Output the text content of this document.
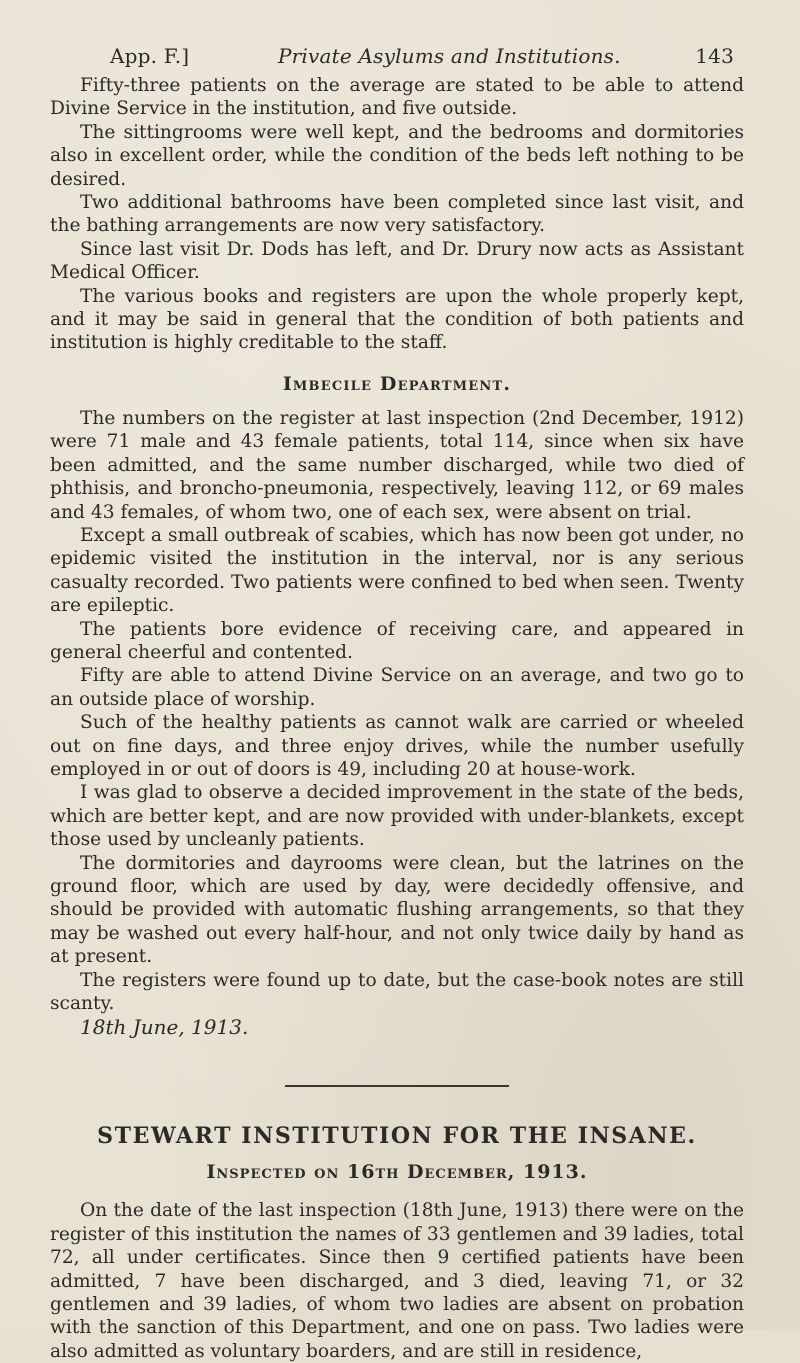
App. F.]	Private Asylums and Institutions.	143

Fifty-three patients on the average are stated to be able to attend Divine Service in the institution, and five outside.

The sittingrooms were well kept, and the bedrooms and dormitories also in excellent order, while the condition of the beds left nothing to be desired.

Two additional bathrooms have been completed since last visit, and the bathing arrangements are now very satisfactory.

Since last visit Dr. Dods has left, and Dr. Drury now acts as Assistant Medical Officer.

The various books and registers are upon the whole properly kept, and it may be said in general that the condition of both patients and institution is highly creditable to the staff.

Imbecile Department.

The numbers on the register at last inspection (2nd December, 1912) were 71 male and 43 female patients, total 114, since when six have been admitted, and the same number discharged, while two died of phthisis, and broncho-pneumonia, respectively, leaving 112, or 69 males and 43 females, of whom two, one of each sex, were absent on trial.

Except a small outbreak of scabies, which has now been got under, no epidemic visited the institution in the interval, nor is any serious casualty recorded. Two patients were confined to bed when seen. Twenty are epileptic.

The patients bore evidence of receiving care, and appeared in general cheerful and contented.

Fifty are able to attend Divine Service on an average, and two go to an outside place of worship.

Such of the healthy patients as cannot walk are carried or wheeled out on fine days, and three enjoy drives, while the number usefully employed in or out of doors is 49, including 20 at house-work.

I was glad to observe a decided improvement in the state of the beds, which are better kept, and are now provided with under-blankets, except those used by uncleanly patients.

The dormitories and dayrooms were clean, but the latrines on the ground floor, which are used by day, were decidedly offensive, and should be provided with automatic flushing arrangements, so that they may be washed out every half-hour, and not only twice daily by hand as at present.

The registers were found up to date, but the case-book notes are still scanty.

18th June, 1913.

STEWART INSTITUTION FOR THE INSANE.
Inspected on 16th December, 1913.

On the date of the last inspection (18th June, 1913) there were on the register of this institution the names of 33 gentlemen and 39 ladies, total 72, all under certificates. Since then 9 certified patients have been admitted, 7 have been discharged, and 3 died, leaving 71, or 32 gentlemen and 39 ladies, of whom two ladies are absent on probation with the sanction of this Department, and one on pass. Two ladies were also admitted as voluntary boarders, and are still in residence,
